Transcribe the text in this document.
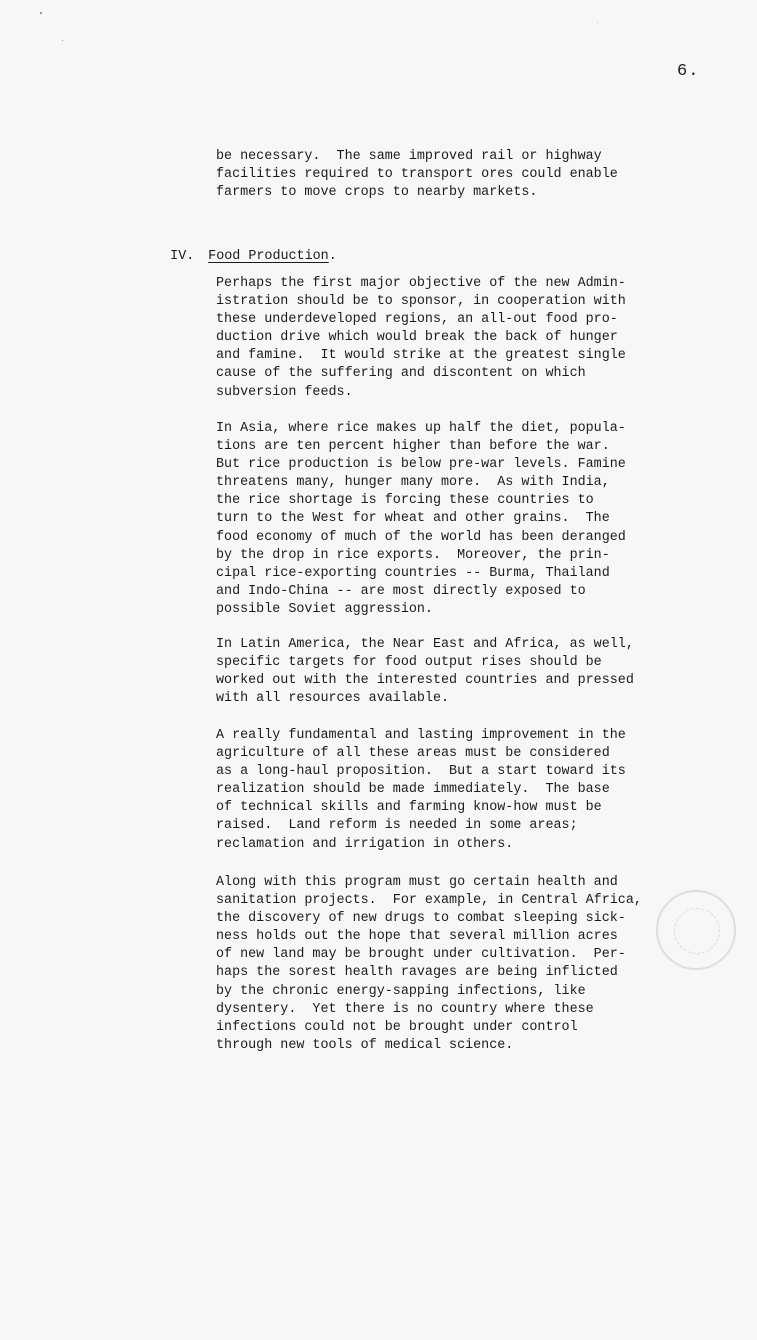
6.

be necessary.  The same improved rail or highway
facilities required to transport ores could enable
farmers to move crops to nearby markets.

IV. Food Production.

Perhaps the first major objective of the new Admin-
istration should be to sponsor, in cooperation with
these underdeveloped regions, an all-out food pro-
duction drive which would break the back of hunger
and famine.  It would strike at the greatest single
cause of the suffering and discontent on which
subversion feeds.

In Asia, where rice makes up half the diet, popula-
tions are ten percent higher than before the war.
But rice production is below pre-war levels. Famine
threatens many, hunger many more.  As with India,
the rice shortage is forcing these countries to
turn to the West for wheat and other grains.  The
food economy of much of the world has been deranged
by the drop in rice exports.  Moreover, the prin-
cipal rice-exporting countries -- Burma, Thailand
and Indo-China -- are most directly exposed to
possible Soviet aggression.

In Latin America, the Near East and Africa, as well,
specific targets for food output rises should be
worked out with the interested countries and pressed
with all resources available.

A really fundamental and lasting improvement in the
agriculture of all these areas must be considered
as a long-haul proposition.  But a start toward its
realization should be made immediately.  The base
of technical skills and farming know-how must be
raised.  Land reform is needed in some areas;
reclamation and irrigation in others.

Along with this program must go certain health and
sanitation projects.  For example, in Central Africa,
the discovery of new drugs to combat sleeping sick-
ness holds out the hope that several million acres
of new land may be brought under cultivation.  Per-
haps the sorest health ravages are being inflicted
by the chronic energy-sapping infections, like
dysentery.  Yet there is no country where these
infections could not be brought under control
through new tools of medical science.
